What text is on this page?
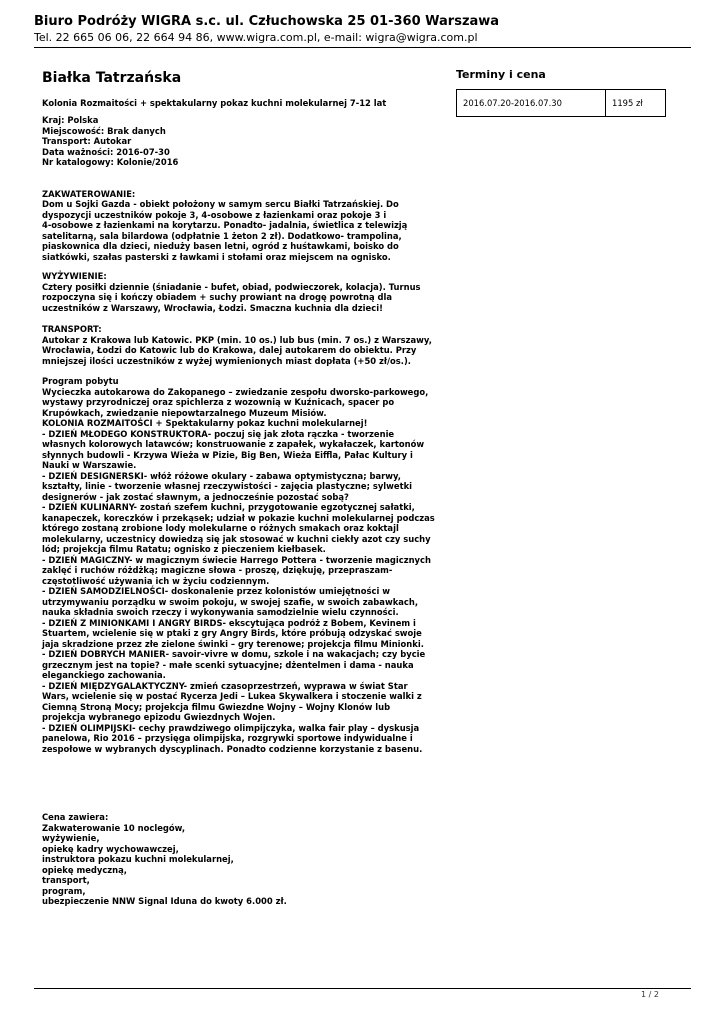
Biuro Podróży WIGRA s.c. ul. Człuchowska 25 01-360 Warszawa
Tel. 22 665 06 06, 22 664 94 86, www.wigra.com.pl, e-mail: wigra@wigra.com.pl
Białka Tatrzańska
Kolonia Rozmaitości + spektakularny pokaz kuchni molekularnej 7-12 lat
Kraj: Polska
Miejscowość: Brak danych
Transport: Autokar
Data ważności: 2016-07-30
Nr katalogowy: Kolonie/2016

ZAKWATEROWANIE:
Dom u Sojki Gazda - obiekt położony w samym sercu Białki Tatrzańskiej. Do
dyspozycji uczestników pokoje 3, 4-osobowe z łazienkami oraz pokoje 3 i
4-osobowe z łazienkami na korytarzu. Ponadto- jadalnia, świetlica z telewizją
satelitarną, sala bilardowa (odpłatnie 1 żeton 2 zł). Dodatkowo- trampolina,
piaskownica dla dzieci, nieduży basen letni, ogród z huśtawkami, boisko do
siatkówki, szałas pasterski z ławkami i stołami oraz miejscem na ognisko.

WYŻYWIENIE:
Cztery posiłki dziennie (śniadanie - bufet, obiad, podwieczorek, kolacja). Turnus
rozpoczyna się i kończy obiadem + suchy prowiant na drogę powrotną dla
uczestników z Warszawy, Wrocławia, Łodzi. Smaczna kuchnia dla dzieci!

TRANSPORT:
Autokar z Krakowa lub Katowic. PKP (min. 10 os.) lub bus (min. 7 os.) z Warszawy,
Wrocławia, Łodzi do Katowic lub do Krakowa, dalej autokarem do obiektu. Przy
mniejszej ilości uczestników z wyżej wymienionych miast dopłata (+50 zł/os.).

Program pobytu
Wycieczka autokarowa do Zakopanego – zwiedzanie zespołu dworsko-parkowego,
wystawy przyrodniczej oraz spichlerza z wozownią w Kuźnicach, spacer po
Krupówkach, zwiedzanie niepowtarzalnego Muzeum Misiów.
KOLONIA ROZMAITOŚCI + Spektakularny pokaz kuchni molekularnej!
- DZIEŃ MŁODEGO KONSTRUKTORA- poczuj się jak złota rączka - tworzenie
własnych kolorowych latawców; konstruowanie z zapałek, wykałaczek, kartonów
słynnych budowli - Krzywa Wieża w Pizie, Big Ben, Wieża Eiffla, Pałac Kultury i
Nauki w Warszawie.
- DZIEŃ DESIGNERSKI- włóż różowe okulary - zabawa optymistyczna; barwy,
kształty, linie - tworzenie własnej rzeczywistości - zajęcia plastyczne; sylwetki
designerów - jak zostać sławnym, a jednocześnie pozostać sobą?
- DZIEŃ KULINARNY- zostań szefem kuchni, przygotowanie egzotycznej sałatki,
kanapeczek, koreczków i przekąsek; udział w pokazie kuchni molekularnej podczas
którego zostaną zrobione lody molekularne o różnych smakach oraz koktajl
molekularny, uczestnicy dowiedzą się jak stosować w kuchni ciekły azot czy suchy
lód; projekcja filmu Ratatu; ognisko z pieczeniem kiełbasek.
- DZIEŃ MAGICZNY- w magicznym świecie Harrego Pottera - tworzenie magicznych
zaklęć i ruchów różdżką; magiczne słowa - proszę, dziękuję, przepraszam-
częstotliwość używania ich w życiu codziennym.
- DZIEŃ SAMODZIELNOŚCI- doskonalenie przez kolonistów umiejętności w
utrzymywaniu porządku w swoim pokoju, w swojej szafie, w swoich zabawkach,
nauka składnia swoich rzeczy i wykonywania samodzielnie wielu czynności.
- DZIEŃ Z MINIONKAMI I ANGRY BIRDS- ekscytująca podróż z Bobem, Kevinem i
Stuartem, wcielenie się w ptaki z gry Angry Birds, które próbują odzyskać swoje
jaja skradzione przez złe zielone świnki – gry terenowe; projekcja filmu Minionki.
- DZIEŃ DOBRYCH MANIER- savoir-vivre w domu, szkole i na wakacjach; czy bycie
grzecznym jest na topie? - małe scenki sytuacyjne; dżentelmen i dama - nauka
eleganckiego zachowania.
- DZIEŃ MIĘDZYGALAKTYCZNY- zmień czasoprzestrzeń, wyprawa w świat Star
Wars, wcielenie się w postać Rycerza Jedi – Lukea Skywalkera i stoczenie walki z
Ciemną Stroną Mocy; projekcja filmu Gwiezdne Wojny – Wojny Klonów lub
projekcja wybranego epizodu Gwiezdnych Wojen.
- DZIEŃ OLIMPIJSKI- cechy prawdziwego olimpijczyka, walka fair play – dyskusja
panelowa, Rio 2016 – przysięga olimpijska, rozgrywki sportowe indywidualne i
zespołowe w wybranych dyscyplinach. Ponadto codzienne korzystanie z basenu.

Cena zawiera:
Zakwaterowanie 10 noclegów,
wyżywienie,
opiekę kadry wychowawczej,
instruktora pokazu kuchni molekularnej,
opiekę medyczną,
transport,
program,
ubezpieczenie NNW Signal Iduna do kwoty 6.000 zł.

Terminy i cena
2016.07.20-2016.07.30	1195 zł
1 / 2
